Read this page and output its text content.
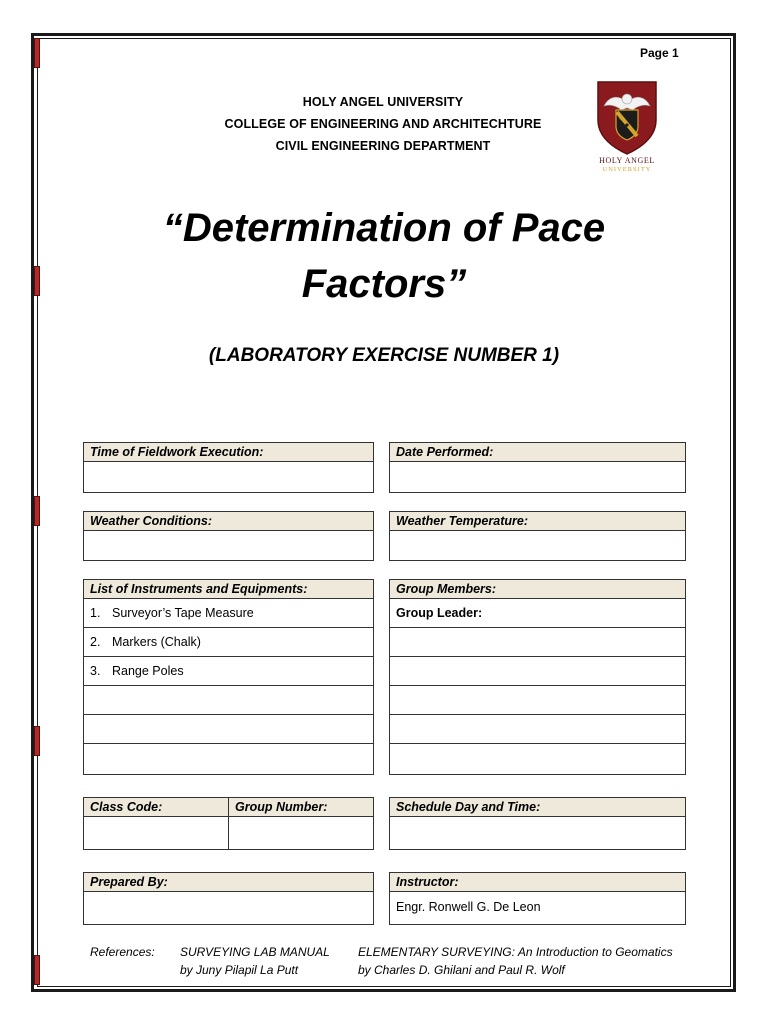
Page 1
HOLY ANGEL UNIVERSITY
COLLEGE OF ENGINEERING AND ARCHITECHTURE
CIVIL ENGINEERING DEPARTMENT
HOLY ANGEL
UNIVERSITY
“Determination of Pace
Factors”
(LABORATORY EXERCISE NUMBER 1)
Time of Fieldwork Execution:	Date Performed:
Weather Conditions:	Weather Temperature:
List of Instruments and Equipments:
1. Surveyor’s Tape Measure
2. Markers (Chalk)
3. Range Poles
Group Members:
Group Leader:
Class Code:	Group Number:	Schedule Day and Time:
Prepared By:	Instructor:
Engr. Ronwell G. De Leon
References: SURVEYING LAB MANUAL
by Juny Pilapil La Putt
ELEMENTARY SURVEYING: An Introduction to Geomatics
by Charles D. Ghilani and Paul R. Wolf
